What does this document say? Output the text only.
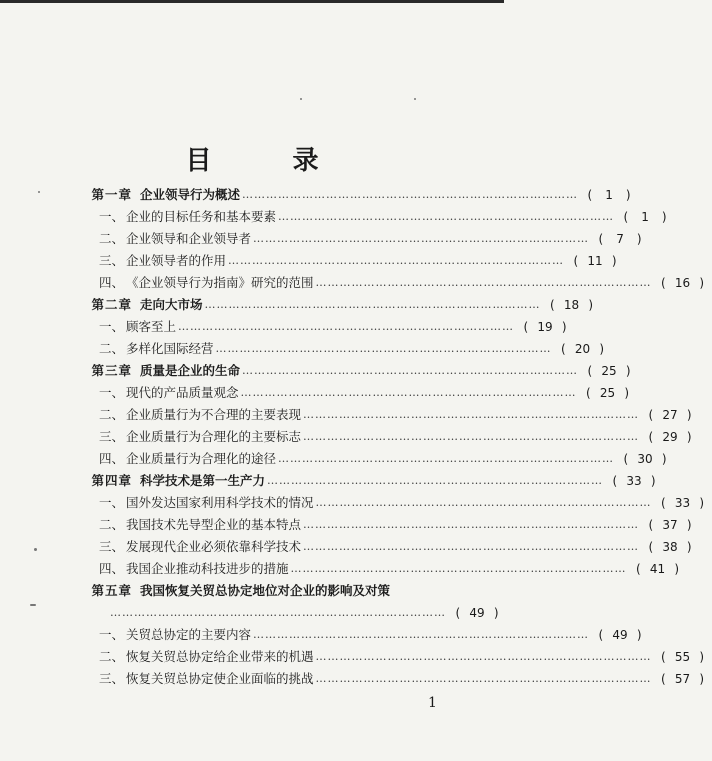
目 录
第一章 企业领导行为概述 ………………………………………………………………………… ( 1 )
一、 企业的目标任务和基本要素 ………………………………………………………………………… ( 1 )
二、 企业领导和企业领导者 ………………………………………………………………………… ( 7 )
三、 企业领导者的作用 ………………………………………………………………………… ( 11 )
四、 《企业领导行为指南》研究的范围 ………………………………………………………………………… ( 16 )
第二章 走向大市场 ………………………………………………………………………… ( 18 )
一、 顾客至上 ………………………………………………………………………… ( 19 )
二、 多样化国际经营 ………………………………………………………………………… ( 20 )
第三章 质量是企业的生命 ………………………………………………………………………… ( 25 )
一、 现代的产品质量观念 ………………………………………………………………………… ( 25 )
二、 企业质量行为不合理的主要表现 ………………………………………………………………………… ( 27 )
三、 企业质量行为合理化的主要标志 ………………………………………………………………………… ( 29 )
四、 企业质量行为合理化的途径 ………………………………………………………………………… ( 30 )
第四章 科学技术是第一生产力 ………………………………………………………………………… ( 33 )
一、 国外发达国家利用科学技术的情况 ………………………………………………………………………… ( 33 )
二、 我国技术先导型企业的基本特点 ………………………………………………………………………… ( 37 )
三、 发展现代企业必须依靠科学技术 ………………………………………………………………………… ( 38 )
四、 我国企业推动科技进步的措施 ………………………………………………………………………… ( 41 )
第五章 我国恢复关贸总协定地位对企业的影响及对策
………………………………………………………………………… ( 49 )
一、 关贸总协定的主要内容 ………………………………………………………………………… ( 49 )
二、 恢复关贸总协定给企业带来的机遇 ………………………………………………………………………… ( 55 )
三、 恢复关贸总协定使企业面临的挑战 ………………………………………………………………………… ( 57 )
1
